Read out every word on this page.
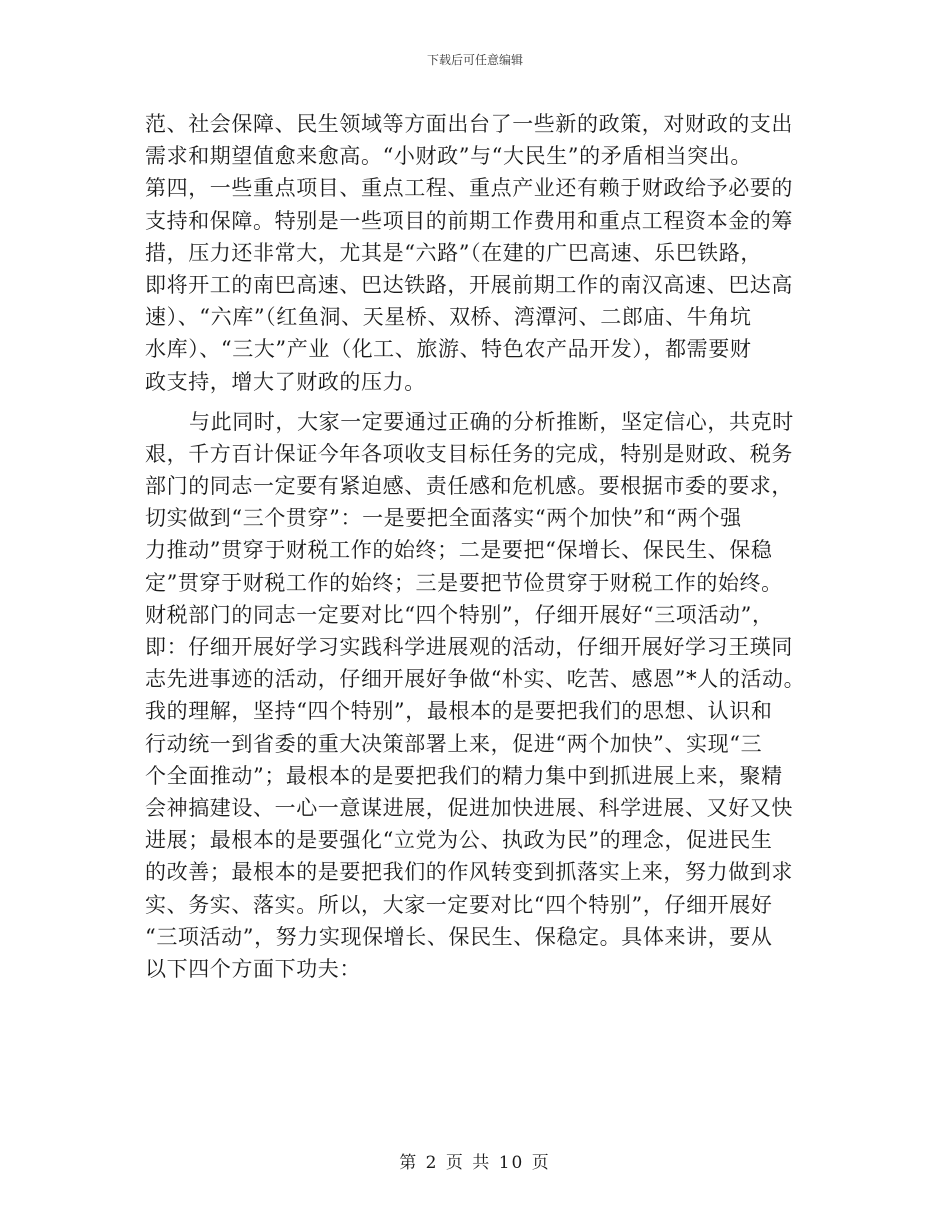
下载后可任意编辑
范、社会保障、民生领域等方面出台了一些新的政策，对财政的支出
需求和期望值愈来愈高。“小财政”与“大民生”的矛盾相当突出。
第四，一些重点项目、重点工程、重点产业还有赖于财政给予必要的
支持和保障。特别是一些项目的前期工作费用和重点工程资本金的筹
措，压力还非常大，尤其是“六路”（在建的广巴高速、乐巴铁路，
即将开工的南巴高速、巴达铁路，开展前期工作的南汉高速、巴达高
速）、“六库”（红鱼洞、天星桥、双桥、湾潭河、二郎庙、牛角坑
水库）、“三大”产业（化工、旅游、特色农产品开发），都需要财
政支持，增大了财政的压力。
与此同时，大家一定要通过正确的分析推断，坚定信心，共克时
艰，千方百计保证今年各项收支目标任务的完成，特别是财政、税务
部门的同志一定要有紧迫感、责任感和危机感。要根据市委的要求，
切实做到“三个贯穿”：一是要把全面落实“两个加快”和“两个强
力推动”贯穿于财税工作的始终；二是要把“保增长、保民生、保稳
定”贯穿于财税工作的始终；三是要把节俭贯穿于财税工作的始终。
财税部门的同志一定要对比“四个特别”，仔细开展好“三项活动”，
即：仔细开展好学习实践科学进展观的活动，仔细开展好学习王瑛同
志先进事迹的活动，仔细开展好争做“朴实、吃苦、感恩”*人的活动。
我的理解，坚持“四个特别”，最根本的是要把我们的思想、认识和
行动统一到省委的重大决策部署上来，促进“两个加快”、实现“三
个全面推动”；最根本的是要把我们的精力集中到抓进展上来，聚精
会神搞建设、一心一意谋进展，促进加快进展、科学进展、又好又快
进展；最根本的是要强化“立党为公、执政为民”的理念，促进民生
的改善；最根本的是要把我们的作风转变到抓落实上来，努力做到求
实、务实、落实。所以，大家一定要对比“四个特别”，仔细开展好
“三项活动”，努力实现保增长、保民生、保稳定。具体来讲，要从
以下四个方面下功夫：
第 2 页 共 10 页
